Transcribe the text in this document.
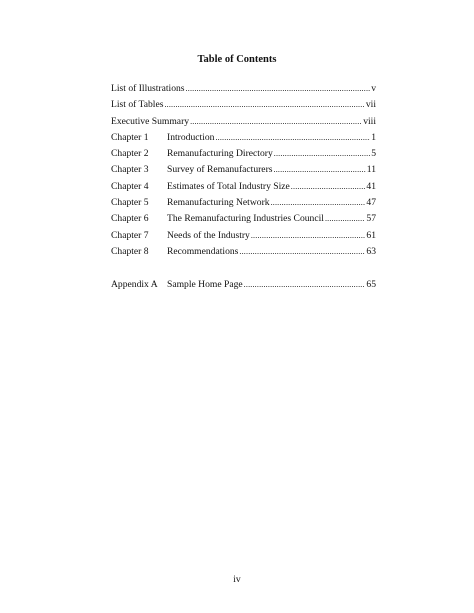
Table of Contents
List of Illustrations .....	v
List of Tables .....	vii
Executive Summary .....	viii
Chapter 1	Introduction .....	1
Chapter 2	Remanufacturing Directory .....	5
Chapter 3	Survey of Remanufacturers .....	11
Chapter 4	Estimates of Total Industry Size .....	41
Chapter 5	Remanufacturing Network .....	47
Chapter 6	The Remanufacturing Industries Council .....	57
Chapter 7	Needs of the Industry .....	61
Chapter 8	Recommendations .....	63
Appendix A Sample Home Page .....	65
iv
